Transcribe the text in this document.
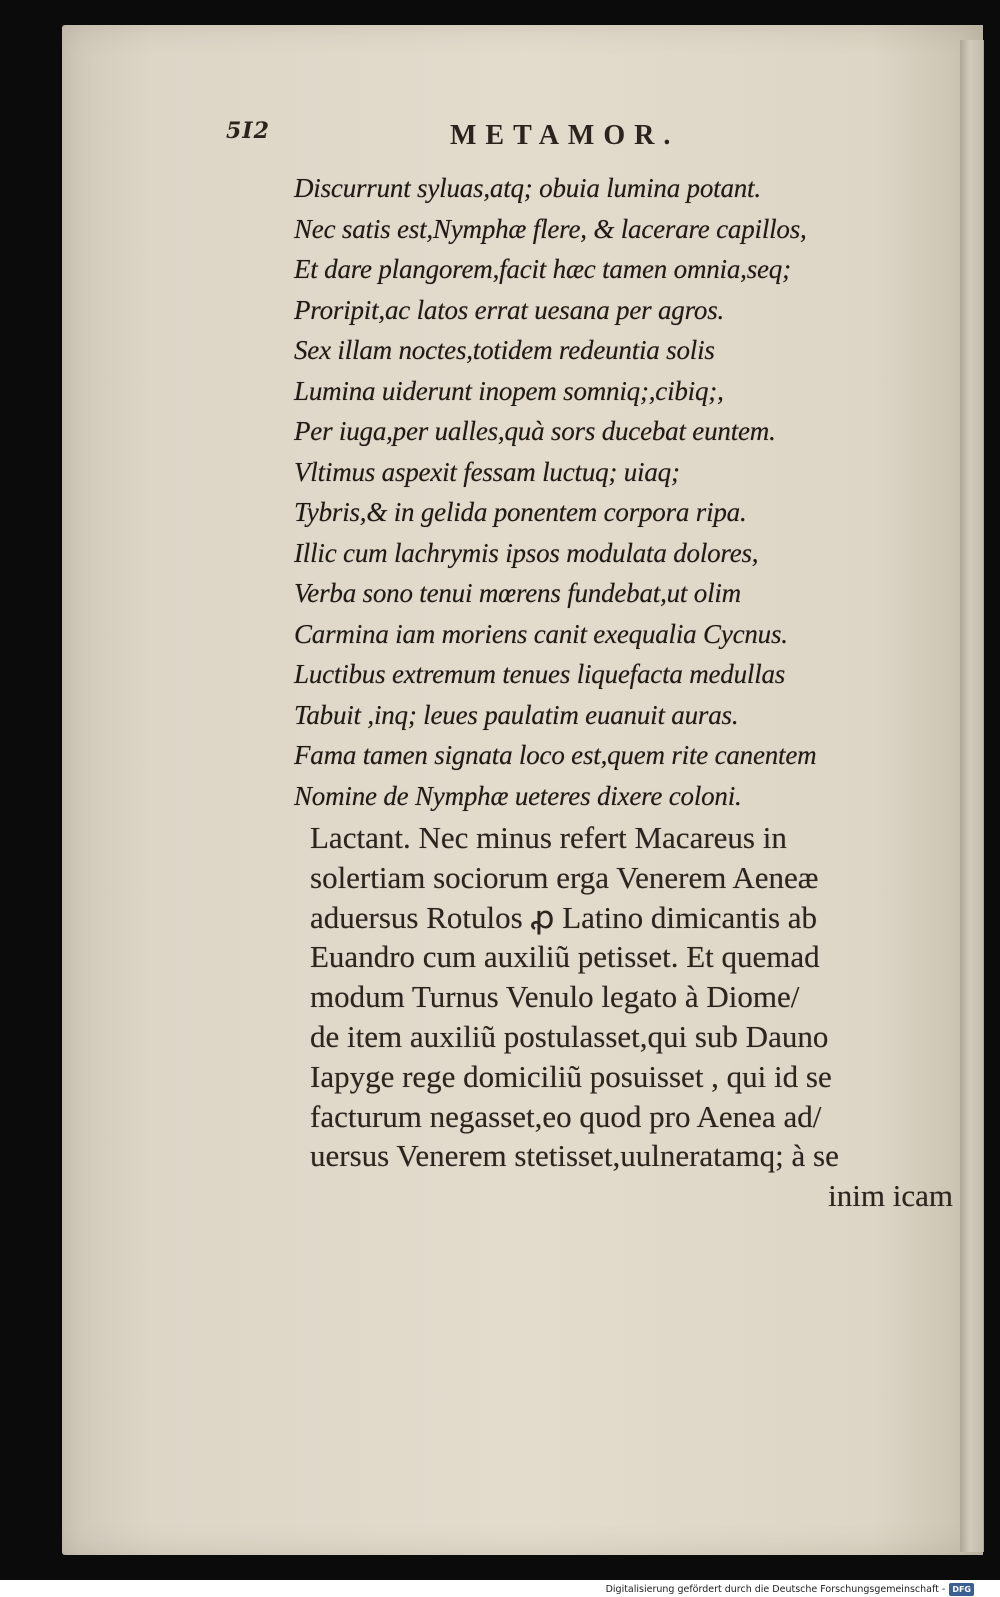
5I2	METAMOR.
Discurrunt syluas,atq; obuia lumina potant.
Nec satis est,Nymphæ flere, & lacerare capillos,
Et dare plangorem,facit hæc tamen omnia,seq;
Proripit,ac latos errat uesana per agros.
Sex illam noctes,totidem redeuntia solis
Lumina uiderunt inopem somniq;,cibiq;,
Per iuga,per ualles,quà sors ducebat euntem.
Vltimus aspexit fessam luctuq; uiaq;
Tybris,& in gelida ponentem corpora ripa.
Illic cum lachrymis ipsos modulata dolores,
Verba sono tenui mœrens fundebat,ut olim
Carmina iam moriens canit exequalia Cycnus.
Luctibus extremum tenues liquefacta medullas
Tabuit ,inq; leues paulatim euanuit auras.
Fama tamen signata loco est,quem rite canentem
Nomine de Nymphæ ueteres dixere coloni.
Lactant. Nec minus refert Macareus in
solertiam sociorum erga Venerem Aeneæ
aduersus Rotulos ꝓ Latino dimicantis ab
Euandro cum auxiliũ petisset. Et quemad
modum Turnus Venulo legato à Diome/
de item auxiliũ postulasset,qui sub Dauno
Iapyge rege domiciliũ posuisset , qui id se
facturum negasset,eo quod pro Aenea ad/
uersus Venerem stetisset,uulneratamq; à se
inim icam
Digitalisierung gefördert durch die Deutsche Forschungsgemeinschaft - DFG
